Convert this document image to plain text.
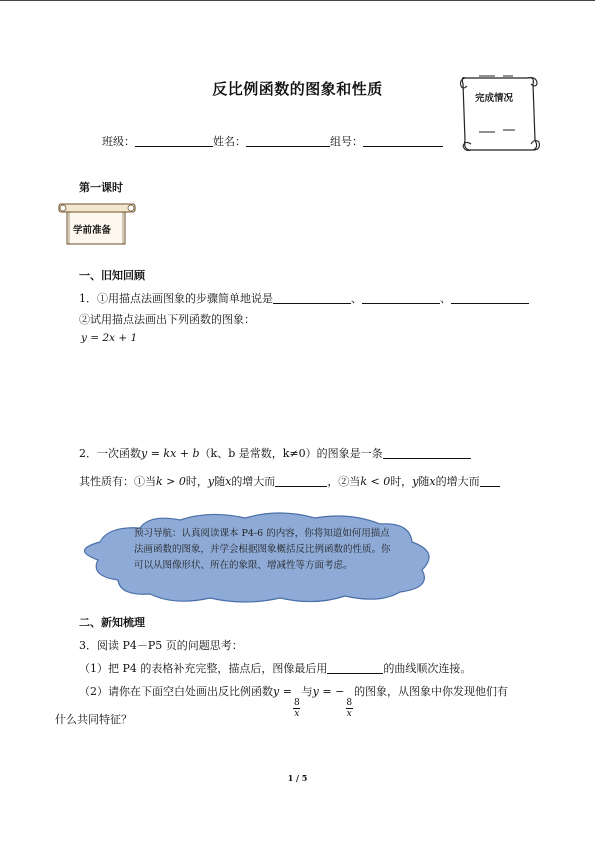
反比例函数的图象和性质
完成情况
班级：	姓名：	组号：
第一课时
学前准备
一、旧知回顾
1．①用描点法画图象的步骤简单地说是	、	、
②试用描点法画出下列函数的图象：
y = 2x + 1
2．一次函数y = kx + b（k、b 是常数，k≠0）的图象是一条
其性质有：①当k > 0时，y随x的增大而	，②当k < 0时，y随x的增大而
预习导航：认真阅读课本 P4-6 的内容，你将知道如何用描点
法画函数的图象，并学会根据图象概括反比例函数的性质。你
可以从图像形状、所在的象限、增减性等方面考虑。
二、新知梳理
3．阅读 P4－P5 页的问题思考：
（1）把 P4 的表格补充完整，描点后，图像最后用	的曲线顺次连接。
（2）请你在下面空白处画出反比例函数y =
$\frac{8}{x}$
与y = −
$\frac{8}{x}$
的图象，从图象中你发现他们有
什么共同特征？
1 / 5
